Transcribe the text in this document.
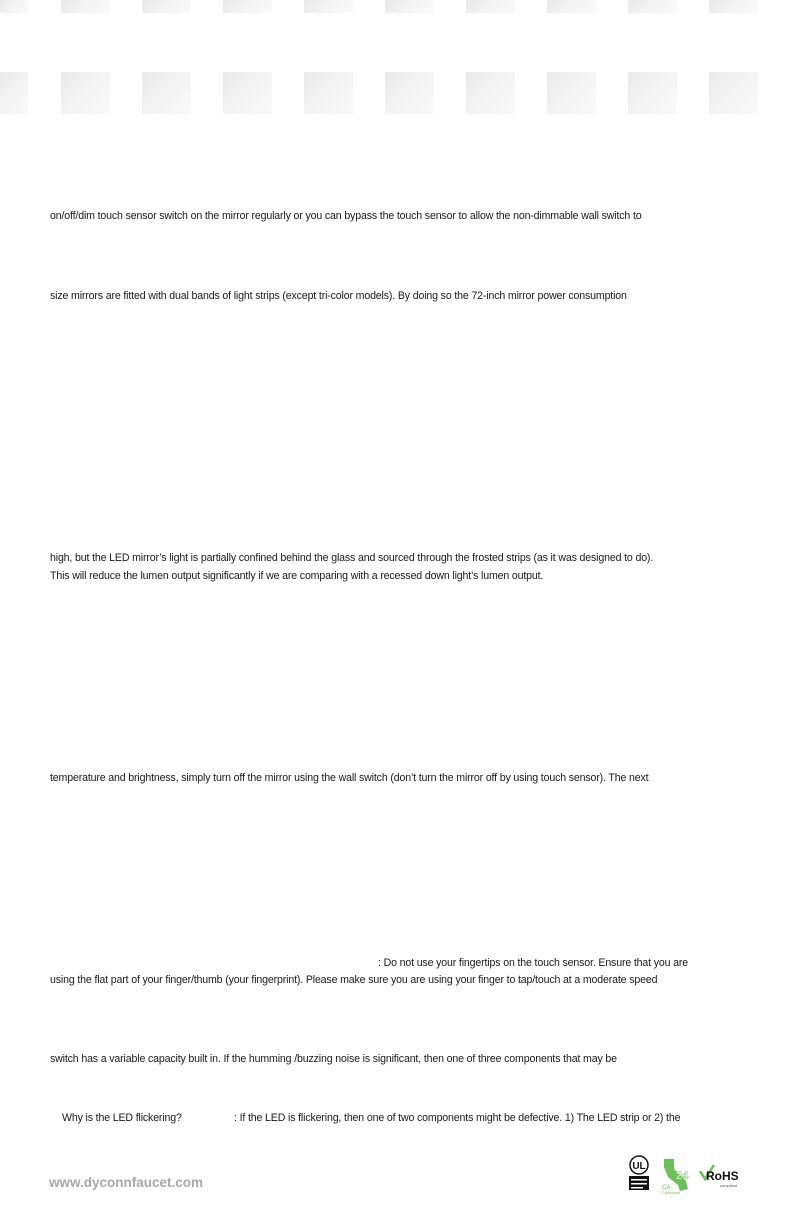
on/off/dim touch sensor switch on the mirror regularly or you can bypass the touch sensor to allow the non-dimmable wall switch to
size mirrors are fitted with dual bands of light strips (except tri-color models). By doing so the 72-inch mirror power consumption
high, but the LED mirror’s light is partially confined behind the glass and sourced through the frosted strips (as it was designed to do).
This will reduce the lumen output significantly if we are comparing with a recessed down light’s lumen output.
temperature and brightness, simply turn off the mirror using the wall switch (don’t turn the mirror off by using touch sensor). The next
: Do not use your fingertips on the touch sensor. Ensure that you are
using the flat part of your finger/thumb (your fingerprint). Please make sure you are using your finger to tap/touch at a moderate speed
switch has a variable capacity built in. If the humming /buzzing noise is significant, then one of three components that may be
Why is the LED flickering?	: If the LED is flickering, then one of two components might be defective. 1) The LED strip or 2) the
www.dyconnfaucet.com
UL	TITLE
24
CA
Compliant
RoHS
compliant
